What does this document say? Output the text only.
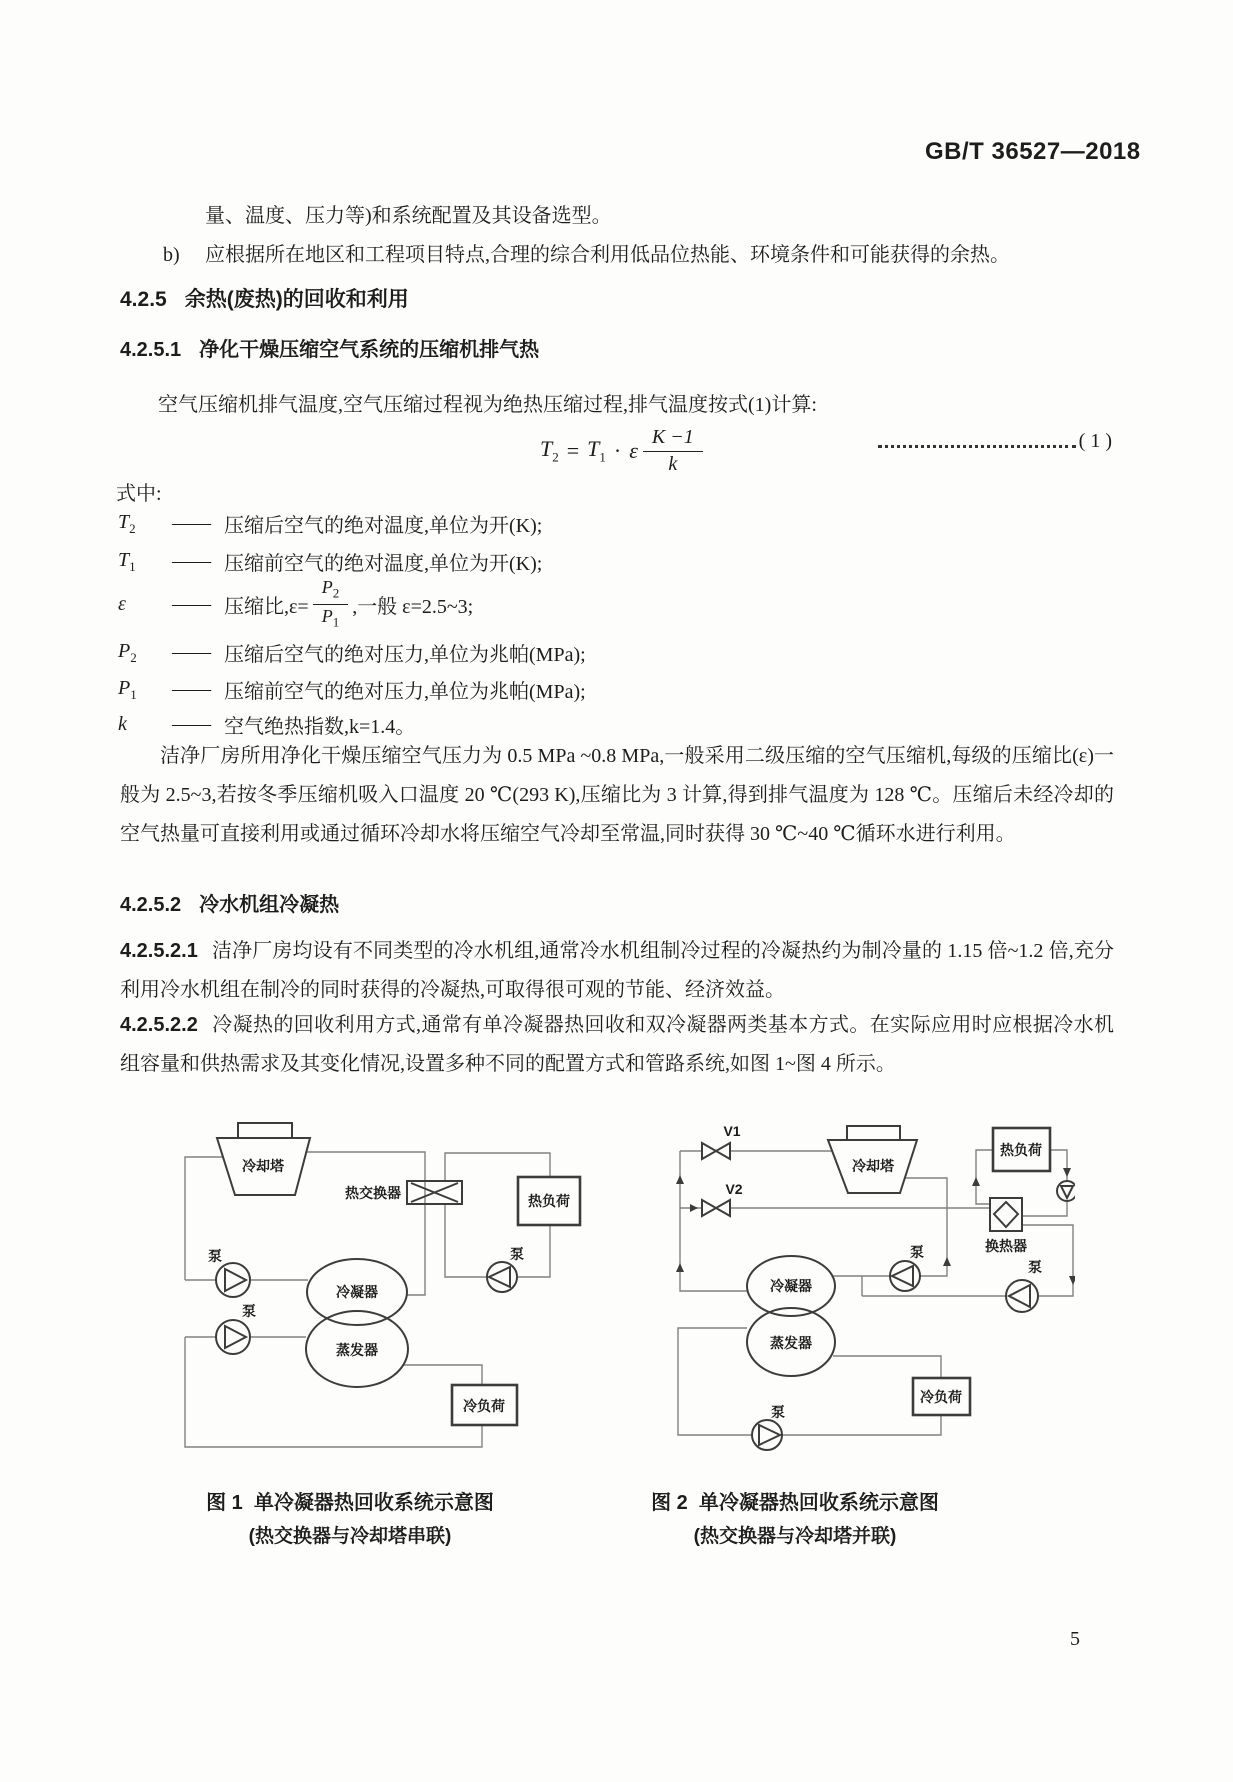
GB/T 36527—2018
量、温度、压力等)和系统配置及其设备选型。
b)	应根据所在地区和工程项目特点,合理的综合利用低品位热能、环境条件和可能获得的余热。
4.2.5 余热(废热)的回收和利用
4.2.5.1 净化干燥压缩空气系统的压缩机排气热
空气压缩机排气温度,空气压缩过程视为绝热压缩过程,排气温度按式(1)计算:
$T_2 = T_1 \cdot \varepsilon \frac{K -1}{k}$	( 1 )
式中:
$T_2$	—— 压缩后空气的绝对温度,单位为开(K);
$T_1$	—— 压缩前空气的绝对温度,单位为开(K);
ε	—— 压缩比$,\varepsilon= \frac{P_2}{P_1}$ ,一般 ε=2.5~3;
$P_2$	—— 压缩后空气的绝对压力,单位为兆帕(MPa);
$P_1$	—— 压缩前空气的绝对压力,单位为兆帕(MPa);
k	—— 空气绝热指数,k=1.4。
洁净厂房所用净化干燥压缩空气压力为 0.5 MPa ~0.8 MPa,一般采用二级压缩的空气压缩机,每级的压缩比(ε)一般为 2.5~3,若按冬季压缩机吸入口温度 20 ℃(293 K),压缩比为 3 计算,得到排气温度为 128 ℃。压缩后未经冷却的空气热量可直接利用或通过循环冷却水将压缩空气冷却至常温,同时获得 30 ℃~40 ℃循环水进行利用。
4.2.5.2 冷水机组冷凝热
4.2.5.2.1 洁净厂房均设有不同类型的冷水机组,通常冷水机组制冷过程的冷凝热约为制冷量的 1.15 倍~1.2 倍,充分利用冷水机组在制冷的同时获得的冷凝热,可取得很可观的节能、经济效益。
4.2.5.2.2 冷凝热的回收利用方式,通常有单冷凝器热回收和双冷凝器两类基本方式。在实际应用时应根据冷水机组容量和供热需求及其变化情况,设置多种不同的配置方式和管路系统,如图 1~图 4 所示。
冷却塔
热交换器	热负荷
泵
泵
泵
冷凝器
蒸发器
冷负荷
V1
V2
冷却塔
热负荷
换热器
泵
泵
泵
冷凝器
蒸发器
冷负荷
图 1  单冷凝器热回收系统示意图
(热交换器与冷却塔串联)
图 2  单冷凝器热回收系统示意图
(热交换器与冷却塔并联)
5
